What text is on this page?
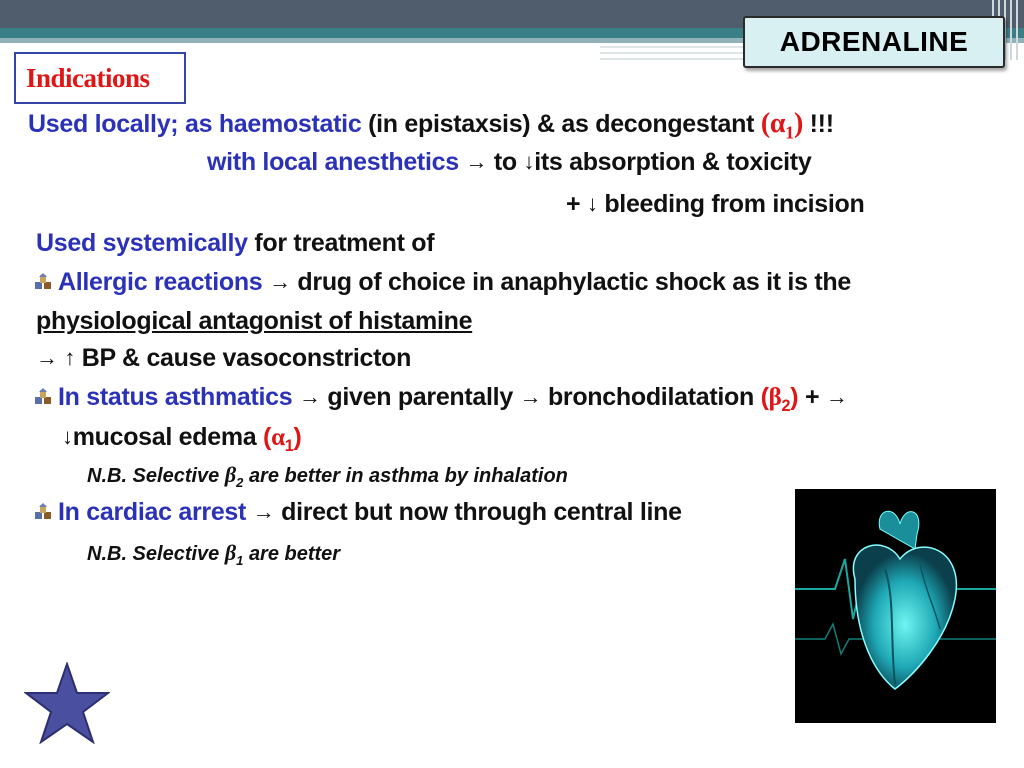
ADRENALINE
Indications
Used locally; as haemostatic (in epistaxsis) & as decongestant $(\alpha_1)$ !!!
with local anesthetics → to ↓its absorption & toxicity
+ ↓ bleeding from incision
Used systemically for treatment of
Allergic reactions → drug of choice in anaphylactic shock as it is the
physiological antagonist of histamine
→ ↑ BP & cause vasoconstricton
In status asthmatics → given parentally → bronchodilatation $(\beta_2)$ + →
↓mucosal edema $(\alpha_1)$
N.B. Selective $\beta_2$ are better in asthma by inhalation
In cardiac arrest → direct but now through central line
N.B. Selective $\beta_1$ are better
